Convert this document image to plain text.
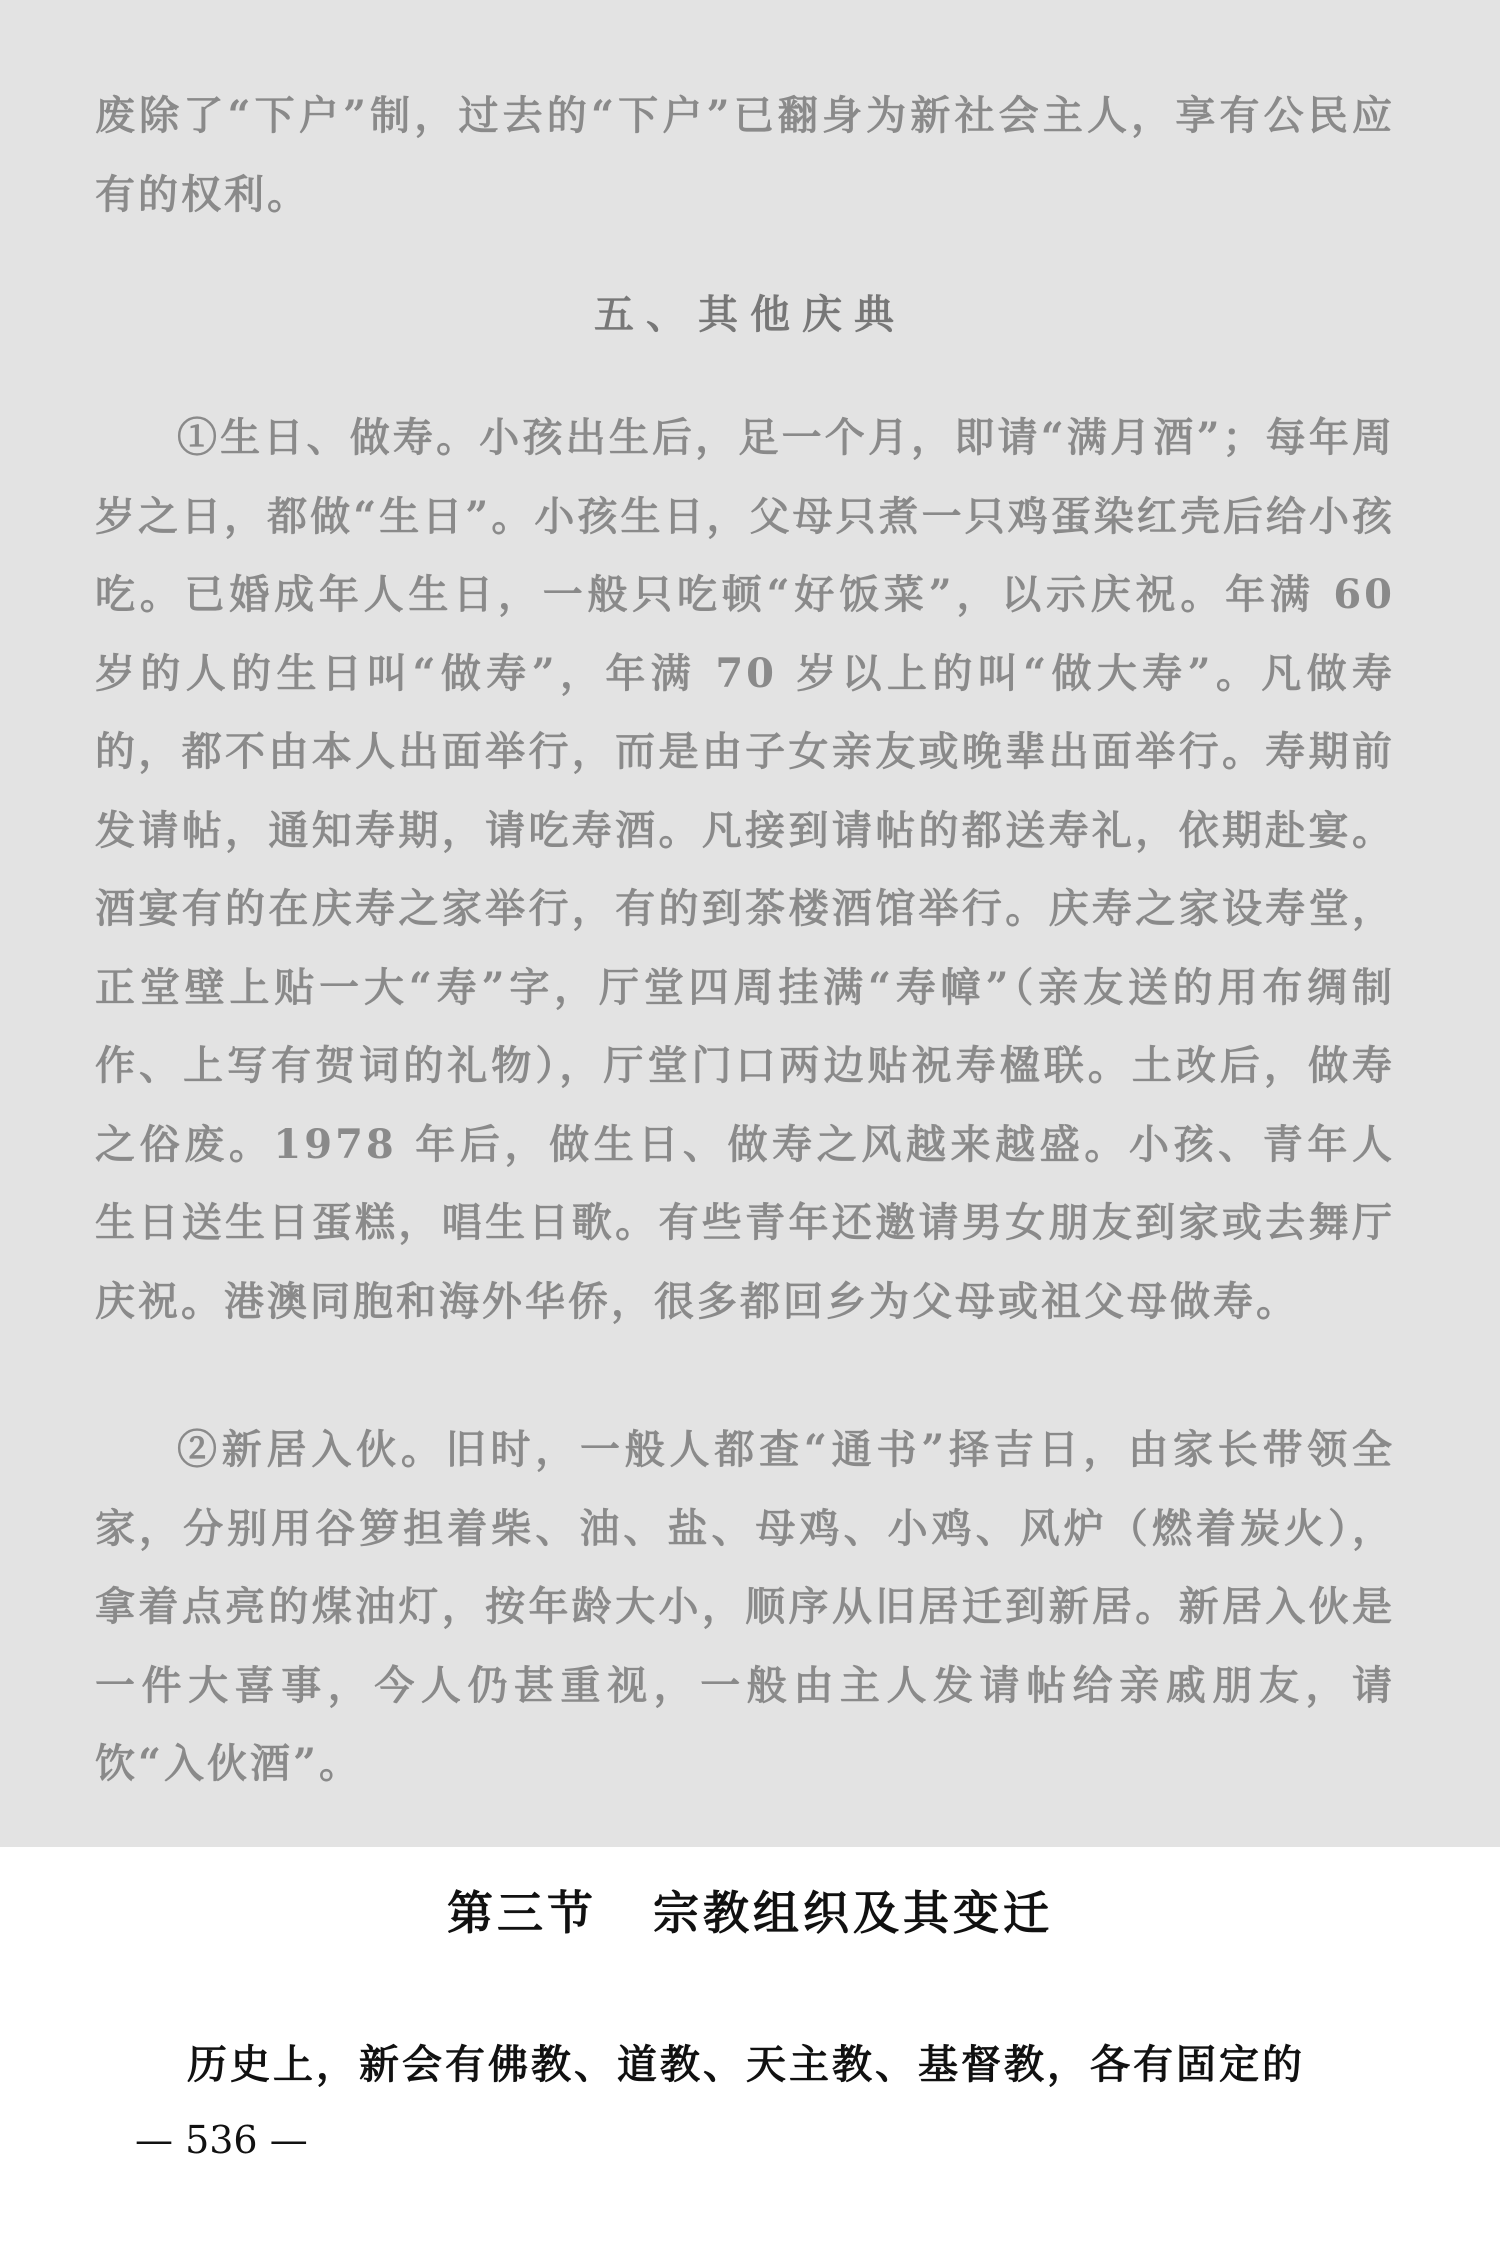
废除了“下户”制，过去的“下户”已翻身为新社会主人，享有公民应有的权利。

五、其他庆典

①生日、做寿。小孩出生后，足一个月，即请“满月酒”；每年周岁之日，都做“生日”。小孩生日，父母只煮一只鸡蛋染红壳后给小孩吃。已婚成年人生日，一般只吃顿“好饭菜”，以示庆祝。年满 60 岁的人的生日叫“做寿”，年满 70 岁以上的叫“做大寿”。凡做寿的，都不由本人出面举行，而是由子女亲友或晚辈出面举行。寿期前发请帖，通知寿期，请吃寿酒。凡接到请帖的都送寿礼，依期赴宴。酒宴有的在庆寿之家举行，有的到茶楼酒馆举行。庆寿之家设寿堂，正堂壁上贴一大“寿”字，厅堂四周挂满“寿幛”（亲友送的用布绸制作、上写有贺词的礼物），厅堂门口两边贴祝寿楹联。土改后，做寿之俗废。1978 年后，做生日、做寿之风越来越盛。小孩、青年人生日送生日蛋糕，唱生日歌。有些青年还邀请男女朋友到家或去舞厅庆祝。港澳同胞和海外华侨，很多都回乡为父母或祖父母做寿。

②新居入伙。旧时，一般人都查“通书”择吉日，由家长带领全家，分别用谷箩担着柴、油、盐、母鸡、小鸡、风炉（燃着炭火），拿着点亮的煤油灯，按年龄大小，顺序从旧居迁到新居。新居入伙是一件大喜事，今人仍甚重视，一般由主人发请帖给亲戚朋友，请饮“入伙酒”。

第三节 宗教组织及其变迁

历史上，新会有佛教、道教、天主教、基督教，各有固定的

— 536 —
